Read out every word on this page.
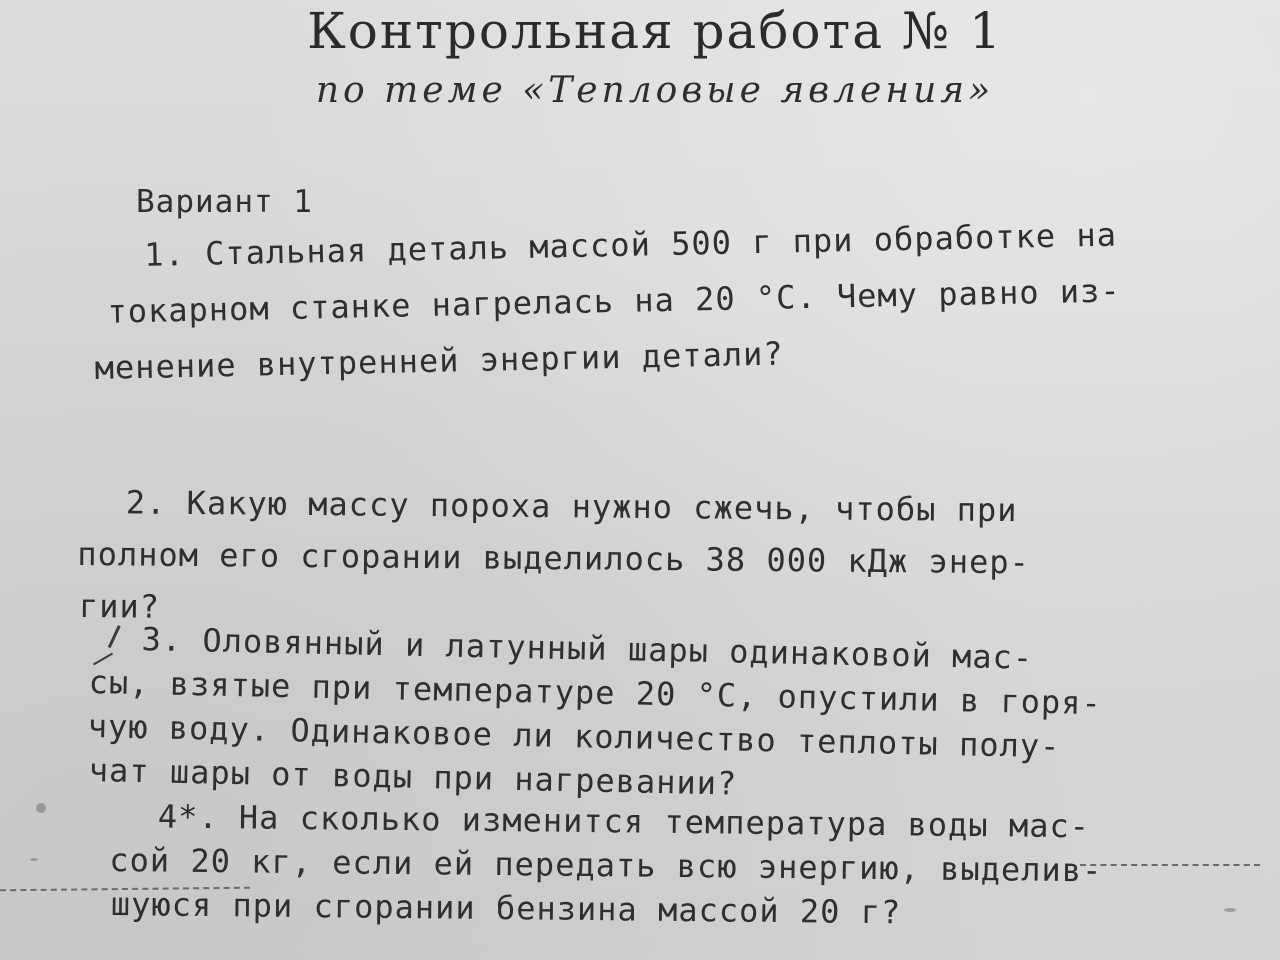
Контрольная работа № 1
по теме «Тепловые явления»
Вариант 1
1. Стальная деталь массой 500 г при обработке на
токарном станке нагрелась на 20 °С. Чему равно из-
менение внутренней энергии детали?
2. Какую массу пороха нужно сжечь, чтобы при
полном его сгорании выделилось 38 000 кДж энер-
гии?
3. Оловянный и латунный шары одинаковой мас-
сы, взятые при температуре 20 °С, опустили в горя-
чую воду. Одинаковое ли количество теплоты полу-
чат шары от воды при нагревании?
4*. На сколько изменится температура воды мас-
сой 20 кг, если ей передать всю энергию, выделив-
шуюся при сгорании бензина массой 20 г?
